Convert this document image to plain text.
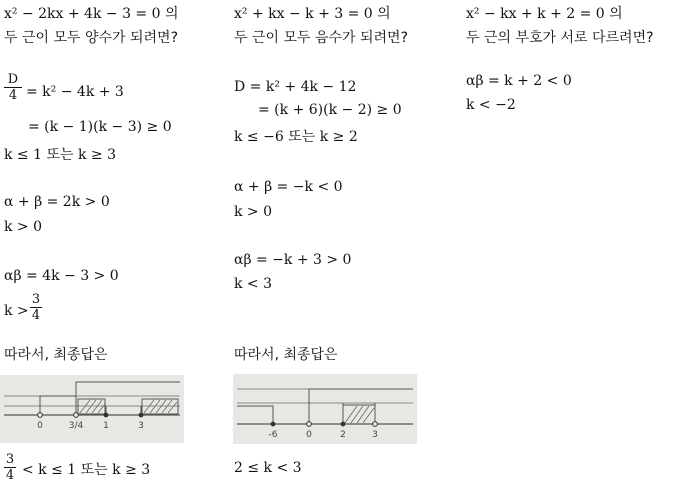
x² − 2kx + 4k − 3 = 0 의
두 근이 모두 양수가 되려면?
$\frac{D}{4} = k^2 - 4k + 3$
= (k − 1)(k − 3) ≥ 0
k ≤ 1 또는 k ≥ 3
α + β = 2k > 0
k > 0
αβ = 4k − 3 > 0
$k > \frac{3}{4}$
따라서, 최종답은
0	3/4 1	3
$\frac{3}{4} < k \le 1$ 또는 k ≥ 3
x² + kx − k + 3 = 0 의
두 근이 모두 음수가 되려면?
D = k² + 4k − 12
= (k + 6)(k − 2) ≥ 0
k ≤ −6 또는 k ≥ 2
α + β = −k < 0
k > 0
αβ = −k + 3 > 0
k < 3
따라서, 최종답은
-6	0	2	3
2 ≤ k < 3
x² − kx + k + 2 = 0 의
두 근의 부호가 서로 다르려면?
αβ = k + 2 < 0
k < −2
